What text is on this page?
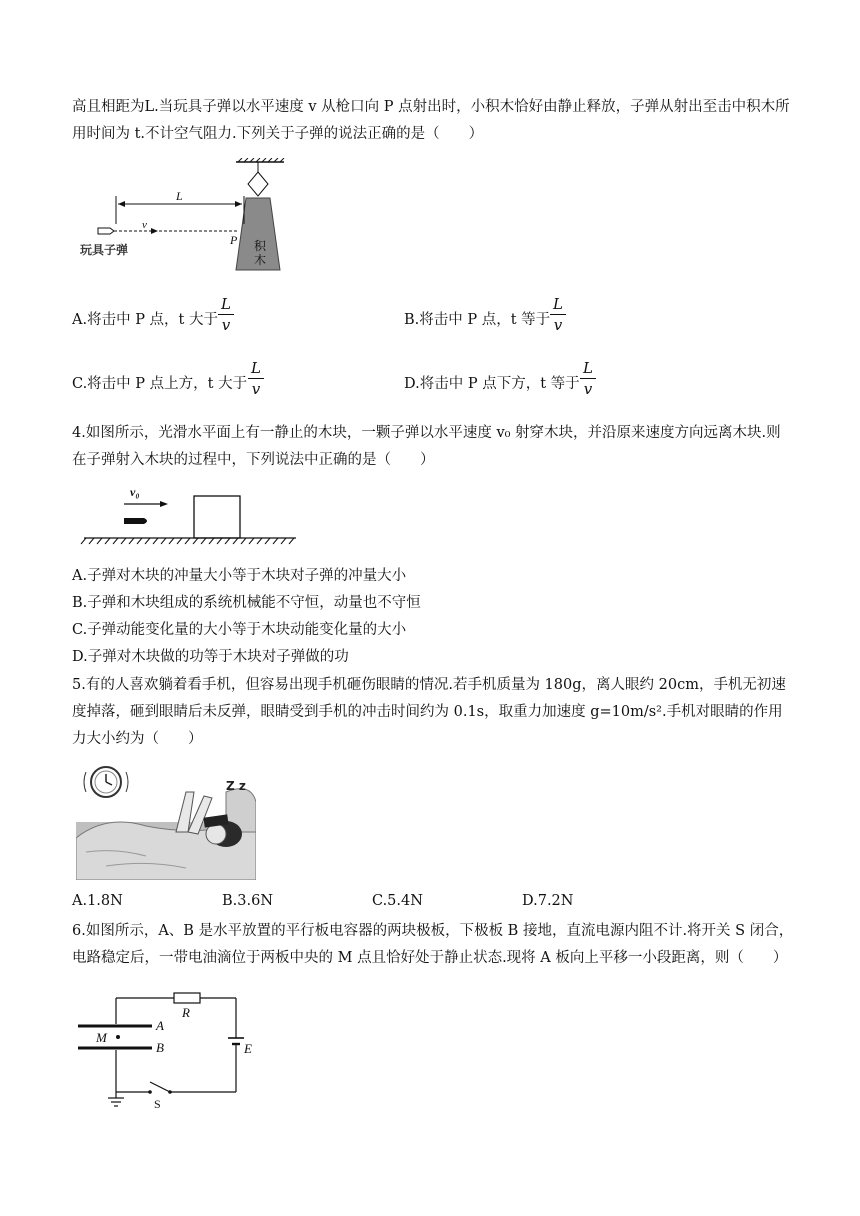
高且相距为L.当玩具子弹以水平速度 v 从枪口向 P 点射出时，小积木恰好由静止释放，子弹从射出至击中积木所用时间为 t.不计空气阻力.下列关于子弹的说法正确的是（　　）
积
木
L
v
P
玩具子弹
A.将击中 P 点，t 大于
L
v	B.将击中 P 点，t 等于
L
v
C.将击中 P 点上方，t 大于
L
v	D.将击中 P 点下方，t 等于
L
v
4.如图所示，光滑水平面上有一静止的木块，一颗子弹以水平速度 v₀ 射穿木块，并沿原来速度方向远离木块.则在子弹射入木块的过程中，下列说法中正确的是（　　）
v₀
A.子弹对木块的冲量大小等于木块对子弹的冲量大小
B.子弹和木块组成的系统机械能不守恒，动量也不守恒
C.子弹动能变化量的大小等于木块动能变化量的大小
D.子弹对木块做的功等于木块对子弹做的功
5.有的人喜欢躺着看手机，但容易出现手机砸伤眼睛的情况.若手机质量为 180g，离人眼约 20cm，手机无初速度掉落，砸到眼睛后未反弹，眼睛受到手机的冲击时间约为 0.1s，取重力加速度 g=10m/s².手机对眼睛的作用力大小约为（　　）
Z z
A.1.8N	B.3.6N	C.5.4N	D.7.2N
6.如图所示，A、B 是水平放置的平行板电容器的两块极板，下极板 B 接地，直流电源内阻不计.将开关 S 闭合，电路稳定后，一带电油滴位于两板中央的 M 点且恰好处于静止状态.现将 A 板向上平移一小段距离，则（　　）
R
A
B
M
E
S
